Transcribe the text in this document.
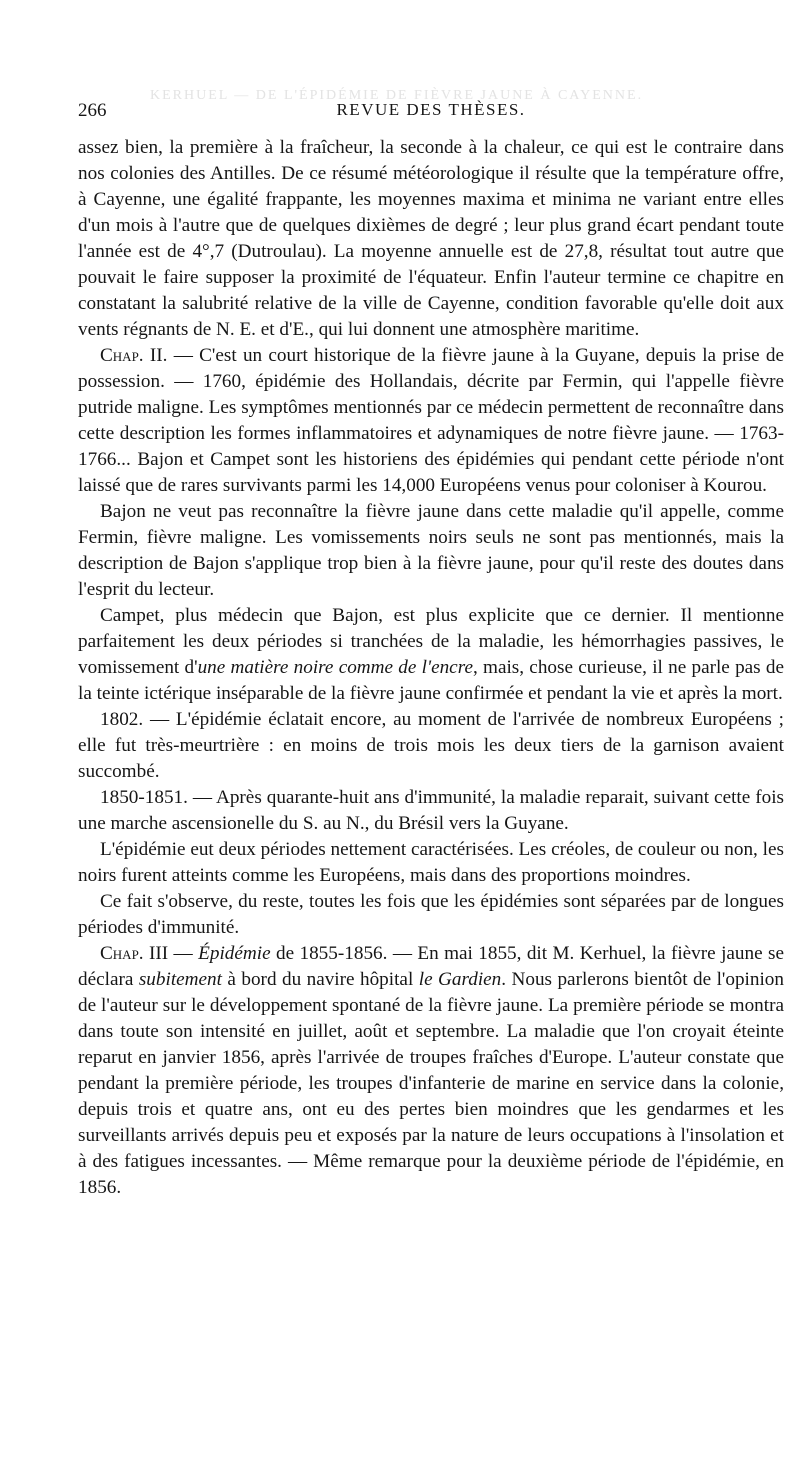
KERHUEL — DE L'ÉPIDÉMIE DE FIÈVRE JAUNE À CAYENNE.
266	REVUE DES THÈSES.

assez bien, la première à la fraîcheur, la seconde à la chaleur, ce qui est le contraire dans nos colonies des Antilles. De ce résumé météorologique il résulte que la température offre, à Cayenne, une égalité frappante, les moyennes maxima et minima ne variant entre elles d'un mois à l'autre que de quelques dixièmes de degré ; leur plus grand écart pendant toute l'année est de 4°,7 (Dutroulau). La moyenne annuelle est de 27,8, résultat tout autre que pouvait le faire supposer la proximité de l'équateur. Enfin l'auteur termine ce chapitre en constatant la salubrité relative de la ville de Cayenne, condition favorable qu'elle doit aux vents régnants de N. E. et d'E., qui lui donnent une atmosphère maritime.

Chap. II. — C'est un court historique de la fièvre jaune à la Guyane, depuis la prise de possession. — 1760, épidémie des Hollandais, décrite par Fermin, qui l'appelle fièvre putride maligne. Les symptômes mentionnés par ce médecin permettent de reconnaître dans cette description les formes inflammatoires et adynamiques de notre fièvre jaune. — 1763-1766... Bajon et Campet sont les historiens des épidémies qui pendant cette période n'ont laissé que de rares survivants parmi les 14,000 Européens venus pour coloniser à Kourou.

Bajon ne veut pas reconnaître la fièvre jaune dans cette maladie qu'il appelle, comme Fermin, fièvre maligne. Les vomissements noirs seuls ne sont pas mentionnés, mais la description de Bajon s'applique trop bien à la fièvre jaune, pour qu'il reste des doutes dans l'esprit du lecteur.

Campet, plus médecin que Bajon, est plus explicite que ce dernier. Il mentionne parfaitement les deux périodes si tranchées de la maladie, les hémorrhagies passives, le vomissement d'une matière noire comme de l'encre, mais, chose curieuse, il ne parle pas de la teinte ictérique inséparable de la fièvre jaune confirmée et pendant la vie et après la mort.

1802. — L'épidémie éclatait encore, au moment de l'arrivée de nombreux Européens ; elle fut très-meurtrière : en moins de trois mois les deux tiers de la garnison avaient succombé.

1850-1851. — Après quarante-huit ans d'immunité, la maladie reparait, suivant cette fois une marche ascensionelle du S. au N., du Brésil vers la Guyane.

L'épidémie eut deux périodes nettement caractérisées. Les créoles, de couleur ou non, les noirs furent atteints comme les Européens, mais dans des proportions moindres.

Ce fait s'observe, du reste, toutes les fois que les épidémies sont séparées par de longues périodes d'immunité.

Chap. III — Épidémie de 1855-1856. — En mai 1855, dit M. Kerhuel, la fièvre jaune se déclara subitement à bord du navire hôpital le Gardien. Nous parlerons bientôt de l'opinion de l'auteur sur le développement spontané de la fièvre jaune. La première période se montra dans toute son intensité en juillet, août et septembre. La maladie que l'on croyait éteinte reparut en janvier 1856, après l'arrivée de troupes fraîches d'Europe. L'auteur constate que pendant la première période, les troupes d'infanterie de marine en service dans la colonie, depuis trois et quatre ans, ont eu des pertes bien moindres que les gendarmes et les surveillants arrivés depuis peu et exposés par la nature de leurs occupations à l'insolation et à des fatigues incessantes. — Même remarque pour la deuxième période de l'épidémie, en 1856.
